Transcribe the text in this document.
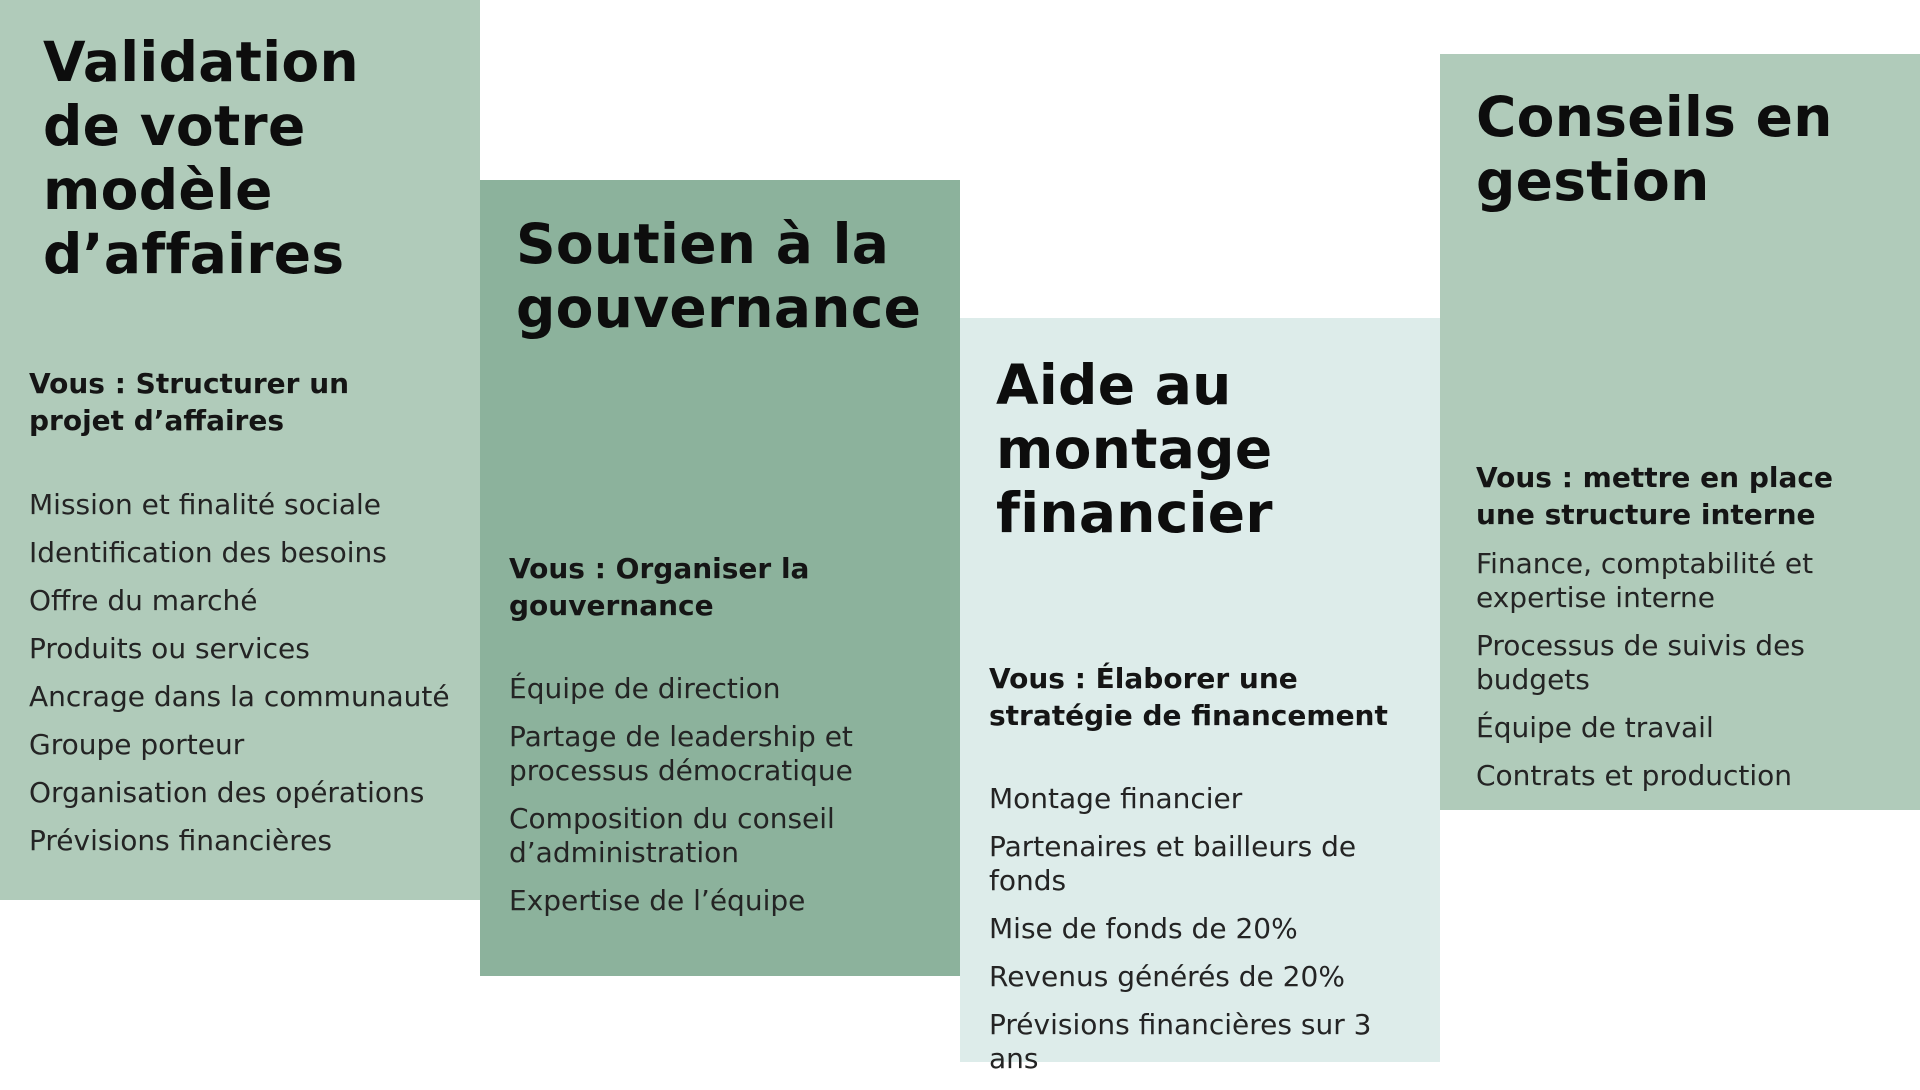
Validation de votre modèle d’affaires

Vous : Structurer un projet d’affaires

Mission et finalité sociale
Identification des besoins
Offre du marché
Produits ou services
Ancrage dans la communauté
Groupe porteur
Organisation des opérations
Prévisions financières
Soutien à la gouvernance

Vous : Organiser la gouvernance

Équipe de direction
Partage de leadership et processus démocratique
Composition du conseil d’administration
Expertise de l’équipe
Aide au montage financier

Vous : Élaborer une stratégie de financement

Montage financier
Partenaires et bailleurs de fonds
Mise de fonds de 20%
Revenus générés de 20%
Prévisions financières sur 3 ans
Conseils en gestion

Vous : mettre en place une structure interne

Finance, comptabilité et expertise interne
Processus de suivis des budgets
Équipe de travail
Contrats et production
